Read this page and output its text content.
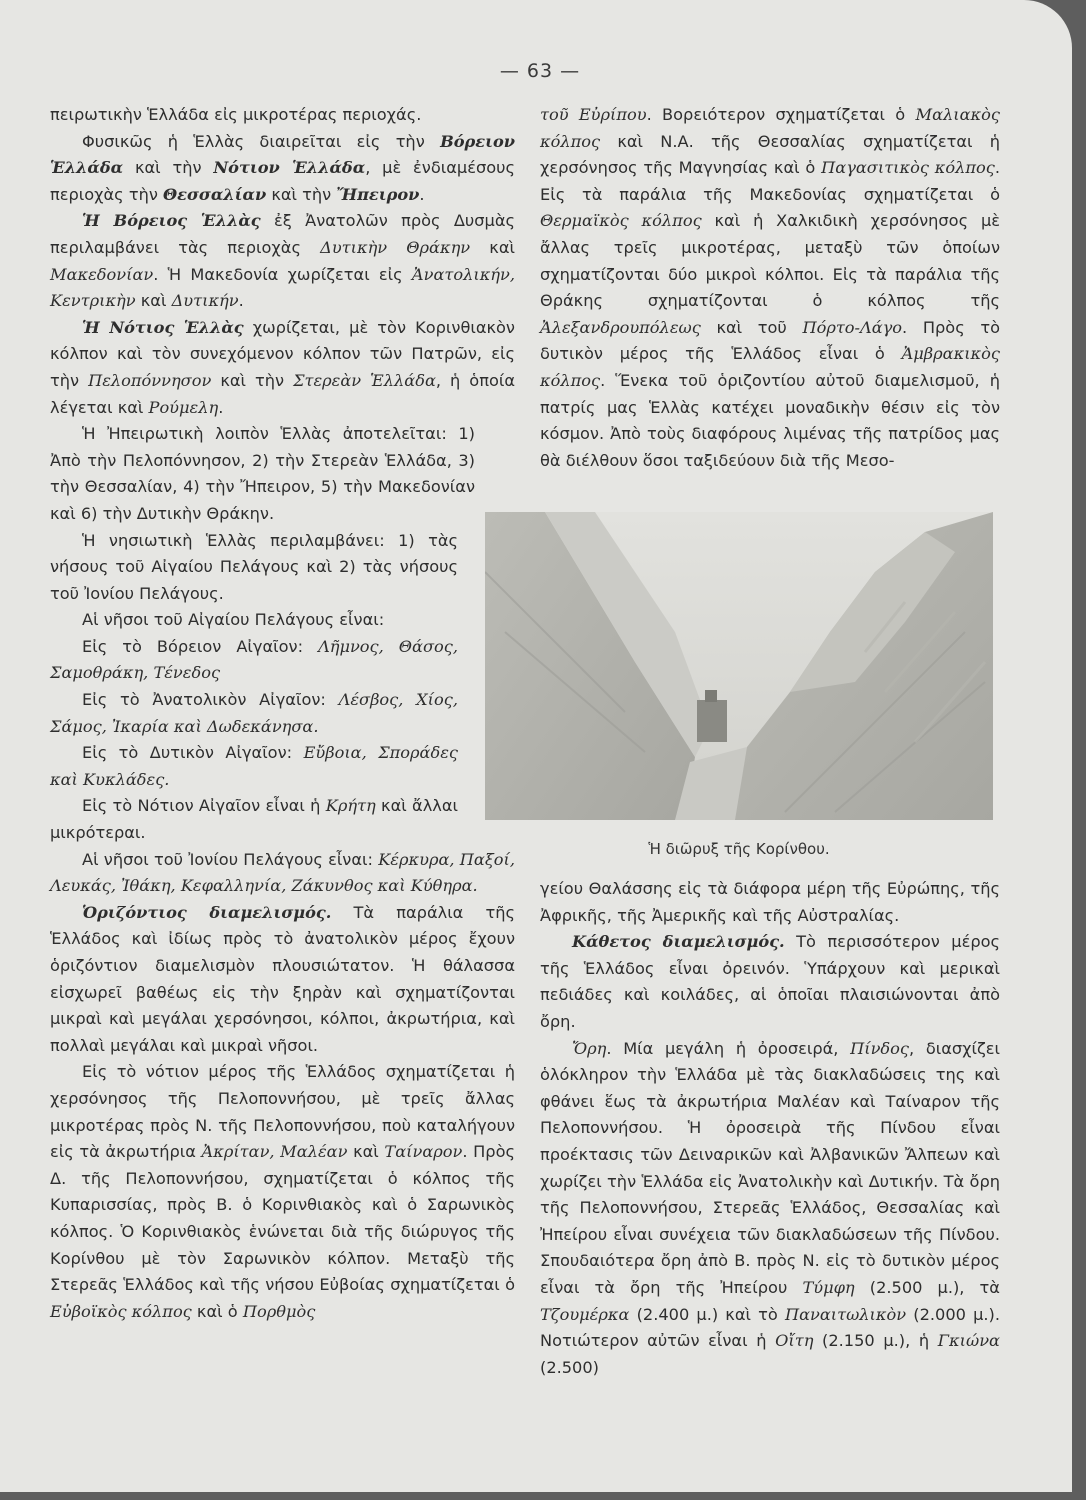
— 63 —

πειρωτικὴν Ἑλλάδα εἰς μικροτέρας περιοχάς.

Φυσικῶς ἡ Ἑλλὰς διαιρεῖται εἰς τὴν Βόρειον Ἑλλάδα καὶ τὴν Νότιον Ἑλλάδα, μὲ ἐνδιαμέσους περιοχὰς τὴν Θεσσαλίαν καὶ τὴν Ἤπειρον.

Ἡ Βόρειος Ἑλλὰς ἐξ Ἀνατολῶν πρὸς Δυσμὰς περιλαμβάνει τὰς περιοχὰς Δυτικὴν Θράκην καὶ Μακεδονίαν. Ἡ Μακεδονία χωρίζεται εἰς Ἀνατολικήν, Κεντρικὴν καὶ Δυτικήν.

Ἡ Νότιος Ἑλλὰς χωρίζεται, μὲ τὸν Κορινθιακὸν κόλπον καὶ τὸν συνεχόμενον κόλπον τῶν Πατρῶν, εἰς τὴν Πελοπόννησον καὶ τὴν Στερεὰν Ἑλλάδα, ἡ ὁποία λέγεται καὶ Ρούμελη.

Ἡ Ἠπειρωτικὴ λοιπὸν Ἑλλὰς ἀποτελεῖται: 1) Ἀπὸ τὴν Πελοπόννησον, 2) τὴν Στερεὰν Ἑλλάδα, 3) τὴν Θεσσαλίαν, 4) τὴν Ἤπειρον, 5) τὴν Μακεδονίαν καὶ 6) τὴν Δυτικὴν Θράκην.

Ἡ νησιωτικὴ Ἑλλὰς περιλαμβάνει: 1) τὰς νήσους τοῦ Αἰγαίου Πελάγους καὶ 2) τὰς νήσους τοῦ Ἰονίου Πελάγους.

Αἱ νῆσοι τοῦ Αἰγαίου Πελάγους εἶναι:

Εἰς τὸ Βόρειον Αἰγαῖον: Λῆμνος, Θάσος, Σαμοθράκη, Τένεδος

Εἰς τὸ Ἀνατολικὸν Αἰγαῖον: Λέσβος, Χίος, Σάμος, Ἰκαρία καὶ Δωδεκάνησα.

Εἰς τὸ Δυτικὸν Αἰγαῖον: Εὔβοια, Σποράδες καὶ Κυκλάδες.

Εἰς τὸ Νότιον Αἰγαῖον εἶναι ἡ Κρήτη καὶ ἄλλαι μικρότεραι.

Αἱ νῆσοι τοῦ Ἰονίου Πελάγους εἶναι: Κέρκυρα, Παξοί, Λευκάς, Ἰθάκη, Κεφαλληνία, Ζάκυνθος καὶ Κύθηρα.

Ὁριζόντιος διαμελισμός. Τὰ παράλια τῆς Ἑλλάδος καὶ ἰδίως πρὸς τὸ ἀνατολικὸν μέρος ἔχουν ὁριζόντιον διαμελισμὸν πλουσιώτατον. Ἡ θάλασσα εἰσχωρεῖ βαθέως εἰς τὴν ξηρὰν καὶ σχηματίζονται μικραὶ καὶ μεγάλαι χερσόνησοι, κόλποι, ἀκρωτήρια, καὶ πολλαὶ μεγάλαι καὶ μικραὶ νῆσοι.

Εἰς τὸ νότιον μέρος τῆς Ἑλλάδος σχηματίζεται ἡ χερσόνησος τῆς Πελοποννήσου, μὲ τρεῖς ἄλλας μικροτέρας πρὸς Ν. τῆς Πελοποννήσου, ποὺ καταλήγουν εἰς τὰ ἀκρωτήρια Ἀκρίταν, Μαλέαν καὶ Ταίναρον. Πρὸς Δ. τῆς Πελοποννήσου, σχηματίζεται ὁ κόλπος τῆς Κυπαρισσίας, πρὸς Β. ὁ Κορινθιακὸς καὶ ὁ Σαρωνικὸς κόλπος. Ὁ Κορινθιακὸς ἑνώνεται διὰ τῆς διώρυγος τῆς Κορίνθου μὲ τὸν Σαρωνικὸν κόλπον. Μεταξὺ τῆς Στερεᾶς Ἑλλάδος καὶ τῆς νήσου Εὐβοίας σχηματίζεται ὁ Εὐβοϊκὸς κόλπος καὶ ὁ Πορθμὸς

τοῦ Εὐρίπου. Βορειότερον σχηματίζεται ὁ Μαλιακὸς κόλπος καὶ Ν.Α. τῆς Θεσσαλίας σχηματίζεται ἡ χερσόνησος τῆς Μαγνησίας καὶ ὁ Παγασιτικὸς κόλπος. Εἰς τὰ παράλια τῆς Μακεδονίας σχηματίζεται ὁ Θερμαϊκὸς κόλπος καὶ ἡ Χαλκιδικὴ χερσόνησος μὲ ἄλλας τρεῖς μικροτέρας, μεταξὺ τῶν ὁποίων σχηματίζονται δύο μικροὶ κόλποι. Εἰς τὰ παράλια τῆς Θράκης σχηματίζονται ὁ κόλπος τῆς Ἀλεξανδρουπόλεως καὶ τοῦ Πόρτο-Λάγο. Πρὸς τὸ δυτικὸν μέρος τῆς Ἑλλάδος εἶναι ὁ Ἀμβρακικὸς κόλπος. Ἕνεκα τοῦ ὁριζοντίου αὐτοῦ διαμελισμοῦ, ἡ πατρίς μας Ἑλλὰς κατέχει μοναδικὴν θέσιν εἰς τὸν κόσμον. Ἀπὸ τοὺς διαφόρους λιμένας τῆς πατρίδος μας θὰ διέλθουν ὅσοι ταξιδεύουν διὰ τῆς Μεσο-

Ἡ διῶρυξ τῆς Κορίνθου.

γείου Θαλάσσης εἰς τὰ διάφορα μέρη τῆς Εὐρώπης, τῆς Ἀφρικῆς, τῆς Ἀμερικῆς καὶ τῆς Αὐστραλίας.

Κάθετος διαμελισμός. Τὸ περισσότερον μέρος τῆς Ἑλλάδος εἶναι ὀρεινόν. Ὑπάρχουν καὶ μερικαὶ πεδιάδες καὶ κοιλάδες, αἱ ὁποῖαι πλαισιώνονται ἀπὸ ὄρη.

Ὄρη. Μία μεγάλη ἡ ὀροσειρά, Πίνδος, διασχίζει ὁλόκληρον τὴν Ἑλλάδα μὲ τὰς διακλαδώσεις της καὶ φθάνει ἕως τὰ ἀκρωτήρια Μαλέαν καὶ Ταίναρον τῆς Πελοποννήσου. Ἡ ὀροσειρὰ τῆς Πίνδου εἶναι προέκτασις τῶν Δειναρικῶν καὶ Ἀλβανικῶν Ἄλπεων καὶ χωρίζει τὴν Ἑλλάδα εἰς Ἀνατολικὴν καὶ Δυτικήν. Τὰ ὄρη τῆς Πελοποννήσου, Στερεᾶς Ἑλλάδος, Θεσσαλίας καὶ Ἠπείρου εἶναι συνέχεια τῶν διακλαδώσεων τῆς Πίνδου. Σπουδαιότερα ὄρη ἀπὸ Β. πρὸς Ν. εἰς τὸ δυτικὸν μέρος εἶναι τὰ ὄρη τῆς Ἠπείρου Τύμφη (2.500 μ.), τὰ Τζουμέρκα (2.400 μ.) καὶ τὸ Παναιτωλικὸν (2.000 μ.). Νοτιώτερον αὐτῶν εἶναι ἡ Οἴτη (2.150 μ.), ἡ Γκιώνα (2.500)
